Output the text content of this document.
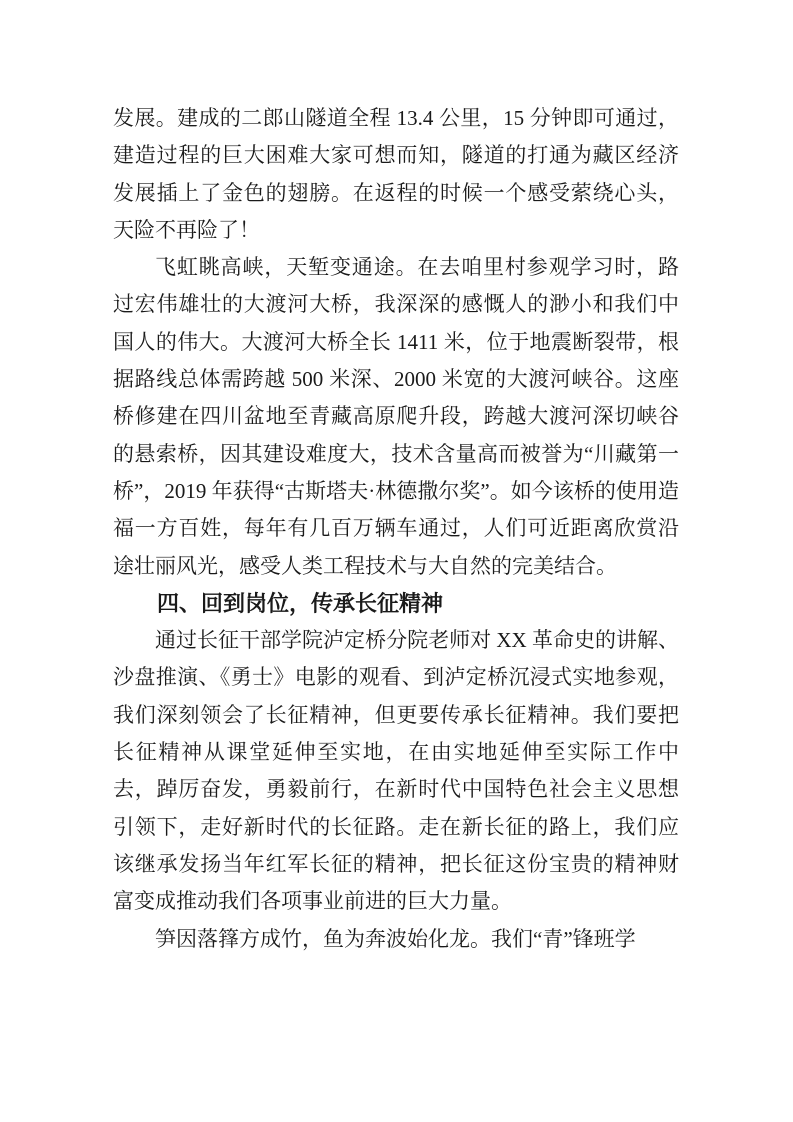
发展。建成的二郎山隧道全程 13.4 公里，15 分钟即可通过，建造过程的巨大困难大家可想而知，隧道的打通为藏区经济发展插上了金色的翅膀。在返程的时候一个感受萦绕心头，天险不再险了！

飞虹眺高峡，天堑变通途。在去咱里村参观学习时，路过宏伟雄壮的大渡河大桥，我深深的感慨人的渺小和我们中国人的伟大。大渡河大桥全长 1411 米，位于地震断裂带，根据路线总体需跨越 500 米深、2000 米宽的大渡河峡谷。这座桥修建在四川盆地至青藏高原爬升段，跨越大渡河深切峡谷的悬索桥，因其建设难度大，技术含量高而被誉为“川藏第一桥”，2019 年获得“古斯塔夫·林德撒尔奖”。如今该桥的使用造福一方百姓，每年有几百万辆车通过，人们可近距离欣赏沿途壮丽风光，感受人类工程技术与大自然的完美结合。

四、回到岗位，传承长征精神

通过长征干部学院泸定桥分院老师对 XX 革命史的讲解、沙盘推演、《勇士》电影的观看、到泸定桥沉浸式实地参观，我们深刻领会了长征精神，但更要传承长征精神。我们要把长征精神从课堂延伸至实地，在由实地延伸至实际工作中去，踔厉奋发，勇毅前行，在新时代中国特色社会主义思想引领下，走好新时代的长征路。走在新长征的路上，我们应该继承发扬当年红军长征的精神，把长征这份宝贵的精神财富变成推动我们各项事业前进的巨大力量。

笋因落箨方成竹，鱼为奔波始化龙。我们“青”锋班学
